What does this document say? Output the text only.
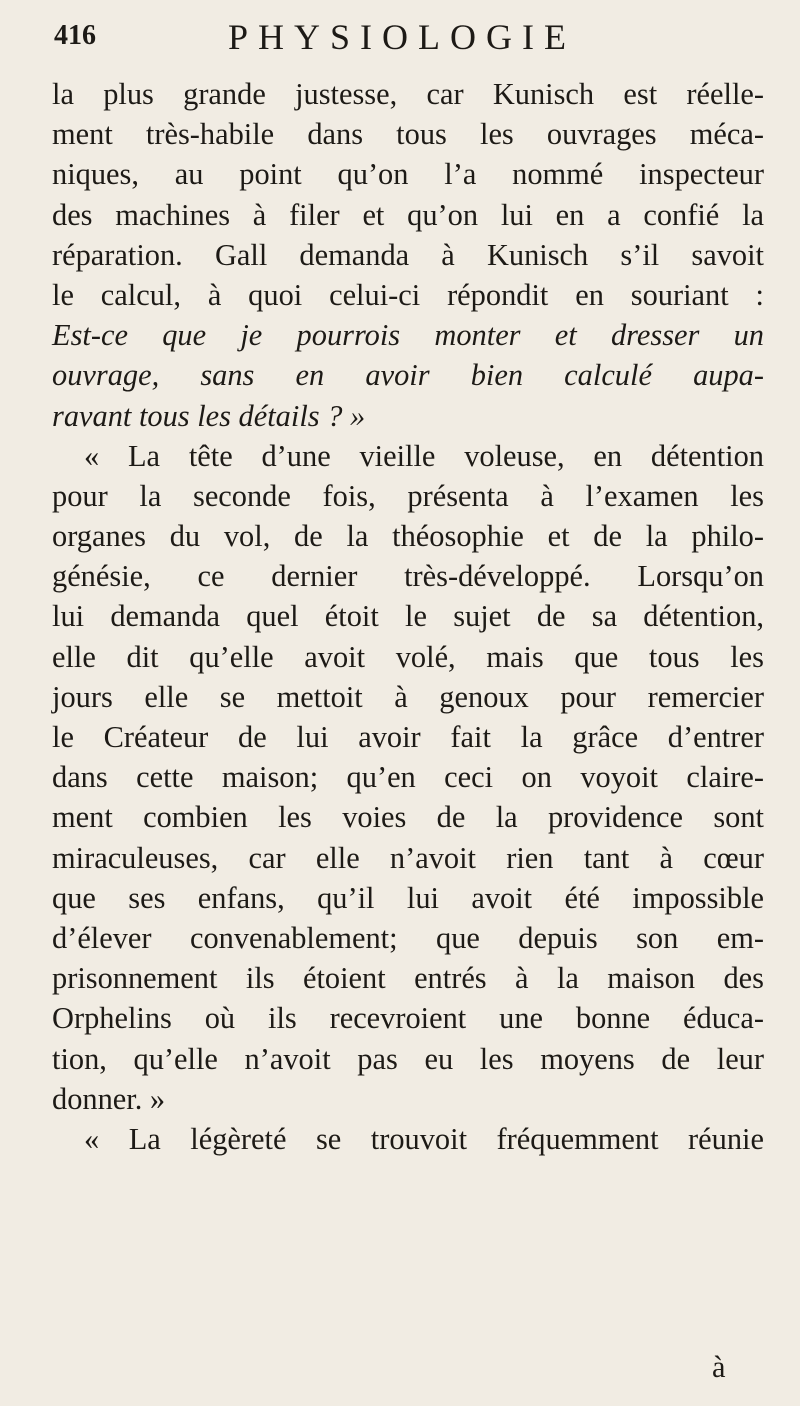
416	PHYSIOLOGIE
la plus grande justesse, car Kunisch est réelle-
ment très-habile dans tous les ouvrages méca-
niques, au point qu’on l’a nommé inspecteur
des machines à filer et qu’on lui en a confié la
réparation. Gall demanda à Kunisch s’il savoit
le calcul, à quoi celui-ci répondit en souriant :
Est-ce que je pourrois monter et dresser un
ouvrage, sans en avoir bien calculé aupa-
ravant tous les détails ? »
« La tête d’une vieille voleuse, en détention
pour la seconde fois, présenta à l’examen les
organes du vol, de la théosophie et de la philo-
génésie, ce dernier très-développé. Lorsqu’on
lui demanda quel étoit le sujet de sa détention,
elle dit qu’elle avoit volé, mais que tous les
jours elle se mettoit à genoux pour remercier
le Créateur de lui avoir fait la grâce d’entrer
dans cette maison; qu’en ceci on voyoit claire-
ment combien les voies de la providence sont
miraculeuses, car elle n’avoit rien tant à cœur
que ses enfans, qu’il lui avoit été impossible
d’élever convenablement; que depuis son em-
prisonnement ils étoient entrés à la maison des
Orphelins où ils recevroient une bonne éduca-
tion, qu’elle n’avoit pas eu les moyens de leur
donner. »
« La légèreté se trouvoit fréquemment réunie
à
